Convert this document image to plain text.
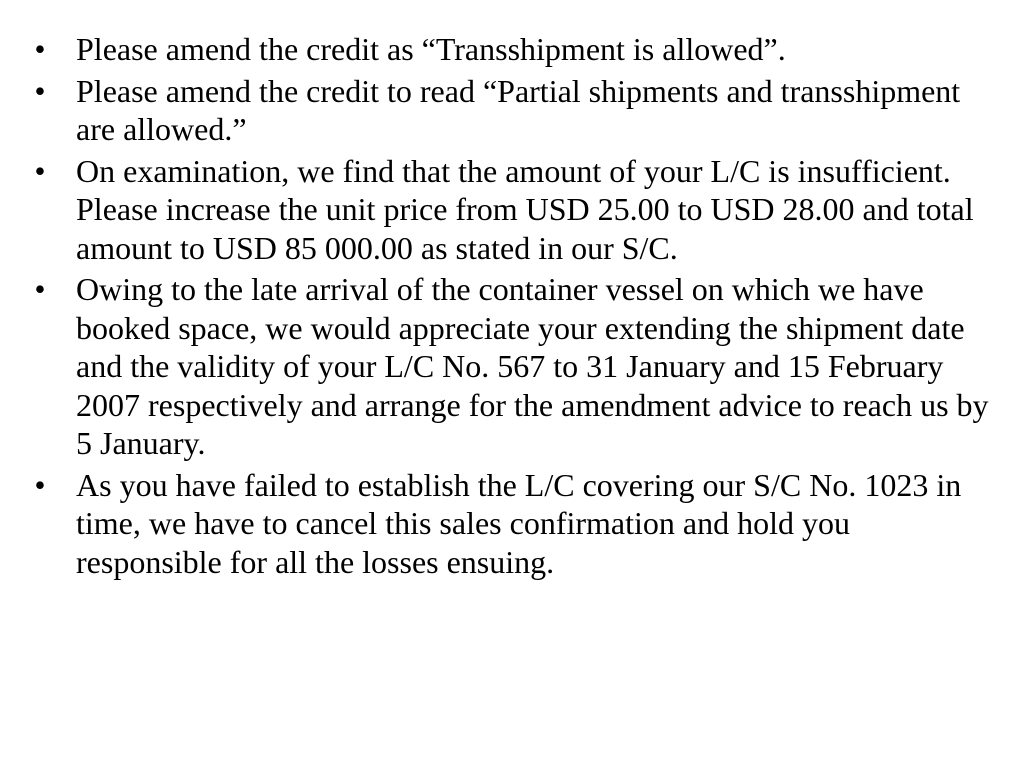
• Please amend the credit as “Transshipment is allowed”.
• Please amend the credit to read “Partial shipments and transshipment are allowed.”
• On examination, we find that the amount of your L/C is insufficient. Please increase the unit price from USD 25.00 to USD 28.00 and total amount to USD 85 000.00 as stated in our S/C.
• Owing to the late arrival of the container vessel on which we have booked space, we would appreciate your extending the shipment date and the validity of your L/C No. 567 to 31 January and 15 February 2007 respectively and arrange for the amendment advice to reach us by 5 January.
• As you have failed to establish the L/C covering our S/C No. 1023 in time, we have to cancel this sales confirmation and hold you responsible for all the losses ensuing.
